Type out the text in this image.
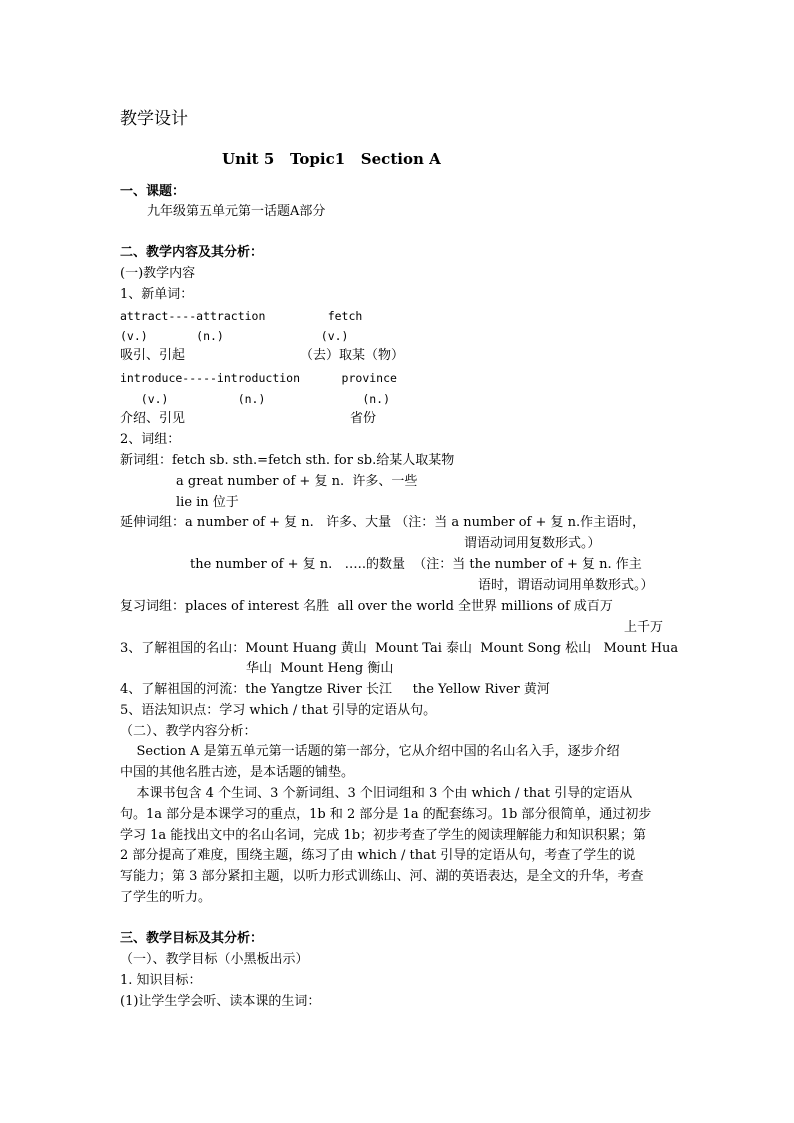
教学设计
Unit 5   Topic1   Section A
一、课题：
九年级第五单元第一话题A部分
二、教学内容及其分析：
(一)教学内容
1、新单词：
attract----attraction         fetch
(v.)       (n.)              (v.)
吸引、引起	（去）取某（物）
introduce-----introduction      province
(v.)          (n.)              (n.)
介绍、引见	省份
2、词组：
新词组：fetch sb. sth.=fetch sth. for sb.给某人取某物
a great number of + 复 n.  许多、一些
lie in 位于
延伸词组：a number of + 复 n.   许多、大量 （注：当 a number of + 复 n.作主语时，
谓语动词用复数形式。）
the number of + 复 n.   …..的数量  （注：当 the number of + 复 n. 作主
语时，谓语动词用单数形式。）
复习词组：places of interest 名胜  all over the world 全世界 millions of 成百万
上千万
3、了解祖国的名山：Mount Huang 黄山  Mount Tai 泰山  Mount Song 松山   Mount Hua
华山  Mount Heng 衡山
4、了解祖国的河流：the Yangtze River 长江     the Yellow River 黄河
5、语法知识点：学习 which / that 引导的定语从句。
（二）、教学内容分析：
Section A 是第五单元第一话题的第一部分，它从介绍中国的名山名入手，逐步介绍
中国的其他名胜古迹，是本话题的铺垫。
本课书包含 4 个生词、3 个新词组、3 个旧词组和 3 个由 which / that 引导的定语从
句。1a 部分是本课学习的重点，1b 和 2 部分是 1a 的配套练习。1b 部分很简单，通过初步
学习 1a 能找出文中的名山名词，完成 1b；初步考查了学生的阅读理解能力和知识积累；第
2 部分提高了难度，围绕主题，练习了由 which / that 引导的定语从句，考查了学生的说
写能力；第 3 部分紧扣主题，以听力形式训练山、河、湖的英语表达，是全文的升华，考查
了学生的听力。
三、教学目标及其分析：
（一）、教学目标（小黑板出示）
1. 知识目标：
(1)让学生学会听、读本课的生词：
